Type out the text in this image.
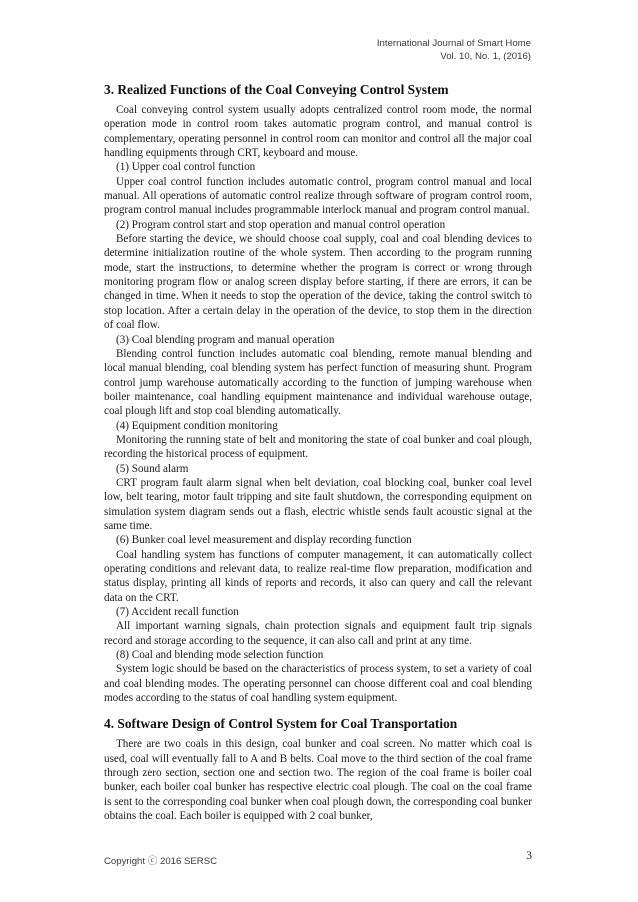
International Journal of Smart Home
Vol. 10, No. 1, (2016)
3. Realized Functions of the Coal Conveying Control System

Coal conveying control system usually adopts centralized control room mode, the normal operation mode in control room takes automatic program control, and manual control is complementary, operating personnel in control room can monitor and control all the major coal handling equipments through CRT, keyboard and mouse.

(1) Upper coal control function

Upper coal control function includes automatic control, program control manual and local manual. All operations of automatic control realize through software of program control room, program control manual includes programmable interlock manual and program control manual.

(2) Program control start and stop operation and manual control operation

Before starting the device, we should choose coal supply, coal and coal blending devices to determine initialization routine of the whole system. Then according to the program running mode, start the instructions, to determine whether the program is correct or wrong through monitoring program flow or analog screen display before starting, if there are errors, it can be changed in time. When it needs to stop the operation of the device, taking the control switch to stop location. After a certain delay in the operation of the device, to stop them in the direction of coal flow.

(3) Coal blending program and manual operation

Blending control function includes automatic coal blending, remote manual blending and local manual blending, coal blending system has perfect function of measuring shunt. Program control jump warehouse automatically according to the function of jumping warehouse when boiler maintenance, coal handling equipment maintenance and individual warehouse outage, coal plough lift and stop coal blending automatically.

(4) Equipment condition monitoring

Monitoring the running state of belt and monitoring the state of coal bunker and coal plough, recording the historical process of equipment.

(5) Sound alarm

CRT program fault alarm signal when belt deviation, coal blocking coal, bunker coal level low, belt tearing, motor fault tripping and site fault shutdown, the corresponding equipment on simulation system diagram sends out a flash, electric whistle sends fault acoustic signal at the same time.

(6) Bunker coal level measurement and display recording function

Coal handling system has functions of computer management, it can automatically collect operating conditions and relevant data, to realize real-time flow preparation, modification and status display, printing all kinds of reports and records, it also can query and call the relevant data on the CRT.

(7) Accident recall function

All important warning signals, chain protection signals and equipment fault trip signals record and storage according to the sequence, it can also call and print at any time.

(8) Coal and blending mode selection function

System logic should be based on the characteristics of process system, to set a variety of coal and coal blending modes. The operating personnel can choose different coal and coal blending modes according to the status of coal handling system equipment.

4. Software Design of Control System for Coal Transportation

There are two coals in this design, coal bunker and coal screen. No matter which coal is used, coal will eventually fall to A and B belts. Coal move to the third section of the coal frame through zero section, section one and section two. The region of the coal frame is boiler coal bunker, each boiler coal bunker has respective electric coal plough. The coal on the coal frame is sent to the corresponding coal bunker when coal plough down, the corresponding coal bunker obtains the coal. Each boiler is equipped with 2 coal bunker,

Copyright ⓒ 2016 SERSC	3
